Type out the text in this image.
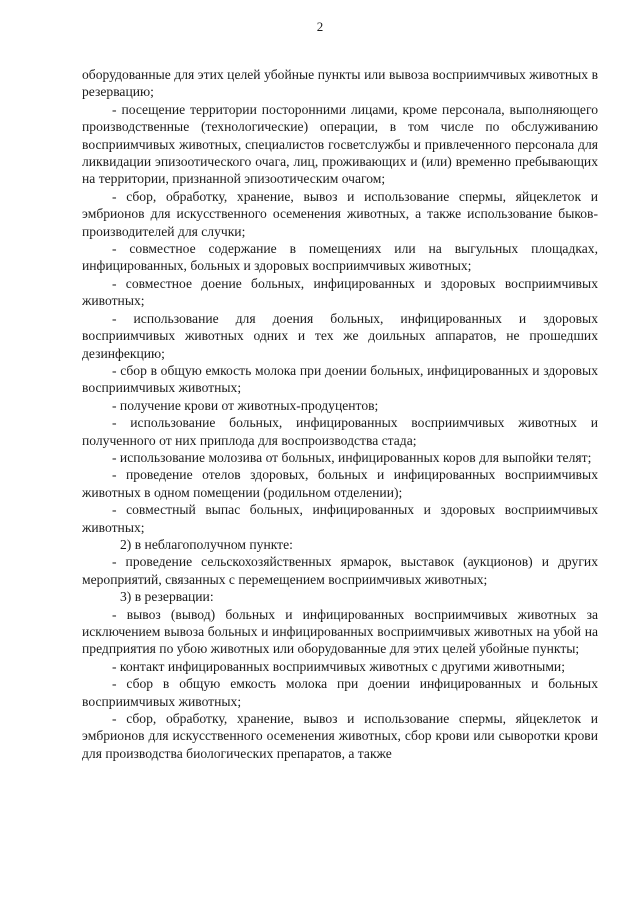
2

оборудованные для этих целей убойные пункты или вывоза восприимчивых животных в резервацию;

- посещение территории посторонними лицами, кроме персонала, выполняющего производственные (технологические) операции, в том числе по обслуживанию восприимчивых животных, специалистов госветслужбы и привлеченного персонала для ликвидации эпизоотического очага, лиц, проживающих и (или) временно пребывающих на территории, признанной эпизоотическим очагом;

- сбор, обработку, хранение, вывоз и использование спермы, яйцеклеток и эмбрионов для искусственного осеменения животных, а также использование быков-производителей для случки;

- совместное содержание в помещениях или на выгульных площадках, инфицированных, больных и здоровых восприимчивых животных;

- совместное доение больных, инфицированных и здоровых восприимчивых животных;

- использование для доения больных, инфицированных и здоровых восприимчивых животных одних и тех же доильных аппаратов, не прошедших дезинфекцию;

- сбор в общую емкость молока при доении больных, инфицированных и здоровых восприимчивых животных;

- получение крови от животных-продуцентов;

- использование больных, инфицированных восприимчивых животных и полученного от них приплода для воспроизводства стада;

- использование молозива от больных, инфицированных коров для выпойки телят;

- проведение отелов здоровых, больных и инфицированных восприимчивых животных в одном помещении (родильном отделении);

- совместный выпас больных, инфицированных и здоровых восприимчивых животных;

2) в неблагополучном пункте:

- проведение сельскохозяйственных ярмарок, выставок (аукционов) и других мероприятий, связанных с перемещением восприимчивых животных;

3) в резервации:

- вывоз (вывод) больных и инфицированных восприимчивых животных за исключением вывоза больных и инфицированных восприимчивых животных на убой на предприятия по убою животных или оборудованные для этих целей убойные пункты;

- контакт инфицированных восприимчивых животных с другими животными;

- сбор в общую емкость молока при доении инфицированных и больных восприимчивых животных;

- сбор, обработку, хранение, вывоз и использование спермы, яйцеклеток и эмбрионов для искусственного осеменения животных, сбор крови или сыворотки крови для производства биологических препаратов, а также
